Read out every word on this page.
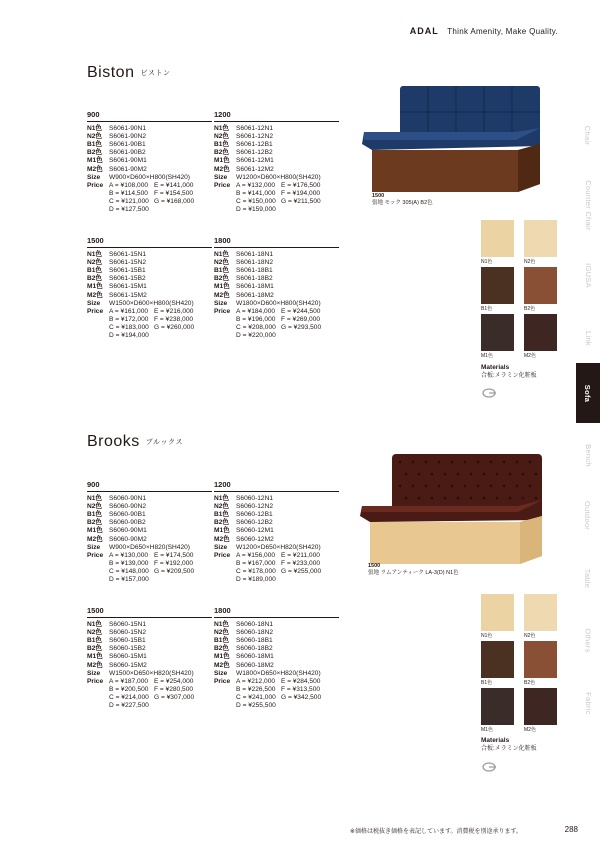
ADAL Think Amenity, Make Quality.
Biston ビストン
900
N1色	S6061-90N1
N2色	S6061-90N2
B1色	S6061-90B1
B2色	S6061-90B2
M1色 S6061-90M1
M2色 S6061-90M2
Size	W900×D600×H800(SH420)
Price A = ¥108,000 E = ¥141,000
B = ¥114,500 F = ¥154,500
C = ¥121,000 G = ¥168,000
D = ¥127,500
1200
N1色	S6061-12N1
N2色	S6061-12N2
B1色	S6061-12B1
B2色	S6061-12B2
M1色 S6061-12M1
M2色 S6061-12M2
Size	W1200×D600×H800(SH420)
Price A = ¥132,000 E = ¥176,500
B = ¥141,000 F = ¥194,000
C = ¥150,000 G = ¥211,500
D = ¥159,000
1500
N1色	S6061-15N1
N2色	S6061-15N2
B1色	S6061-15B1
B2色	S6061-15B2
M1色 S6061-15M1
M2色 S6061-15M2
Size	W1500×D600×H800(SH420)
Price A = ¥161,000 E = ¥216,000
B = ¥172,000 F = ¥238,000
C = ¥183,000 G = ¥260,000
D = ¥194,000
1800
N1色	S6061-18N1
N2色	S6061-18N2
B1色	S6061-18B1
B2色	S6061-18B2
M1色 S6061-18M1
M2色 S6061-18M2
Size	W1800×D600×H800(SH420)
Price A = ¥184,000 E = ¥244,500
B = ¥196,000 F = ¥269,000
C = ¥208,000 G = ¥293,500
D = ¥220,000
1500
張地 モック 305(A) B2色
N1色	N2色
B1色	B2色
M1色	M2色
Materials
合板:メラミン化粧板
Brooks ブルックス
900
N1色	S6060-90N1
N2色	S6060-90N2
B1色	S6060-90B1
B2色	S6060-90B2
M1色 S6060-90M1
M2色 S6060-90M2
Size	W900×D650×H820(SH420)
Price A = ¥130,000 E = ¥174,500
B = ¥139,000 F = ¥192,000
C = ¥148,000 G = ¥209,500
D = ¥157,000
1200
N1色	S6060-12N1
N2色	S6060-12N2
B1色	S6060-12B1
B2色	S6060-12B2
M1色 S6060-12M1
M2色 S6060-12M2
Size	W1200×D650×H820(SH420)
Price A = ¥156,000 E = ¥211,000
B = ¥167,000 F = ¥233,000
C = ¥178,000 G = ¥255,000
D = ¥189,000
1500
N1色	S6060-15N1
N2色	S6060-15N2
B1色	S6060-15B1
B2色	S6060-15B2
M1色 S6060-15M1
M2色 S6060-15M2
Size	W1500×D650×H820(SH420)
Price A = ¥187,000 E = ¥254,000
B = ¥200,500 F = ¥280,500
C = ¥214,000 G = ¥307,000
D = ¥227,500
1800
N1色	S6060-18N1
N2色	S6060-18N2
B1色	S6060-18B1
B2色	S6060-18B2
M1色 S6060-18M1
M2色 S6060-18M2
Size	W1800×D650×H820(SH420)
Price A = ¥212,000 E = ¥284,500
B = ¥226,500 F = ¥313,500
C = ¥241,000 G = ¥342,500
D = ¥255,500
1500
張地 ラムアンティーク LA-3(D) N1色
N1色	N2色
B1色	B2色
M1色	M2色
Materials
合板:メラミン化粧板
Chair
Counter Chair
IGUSA
Link
Sofa
Bench
Outdoor
Table
Others
Fabric
※価格は税抜き価格を表記しています。消費税を別途承ります。	288
